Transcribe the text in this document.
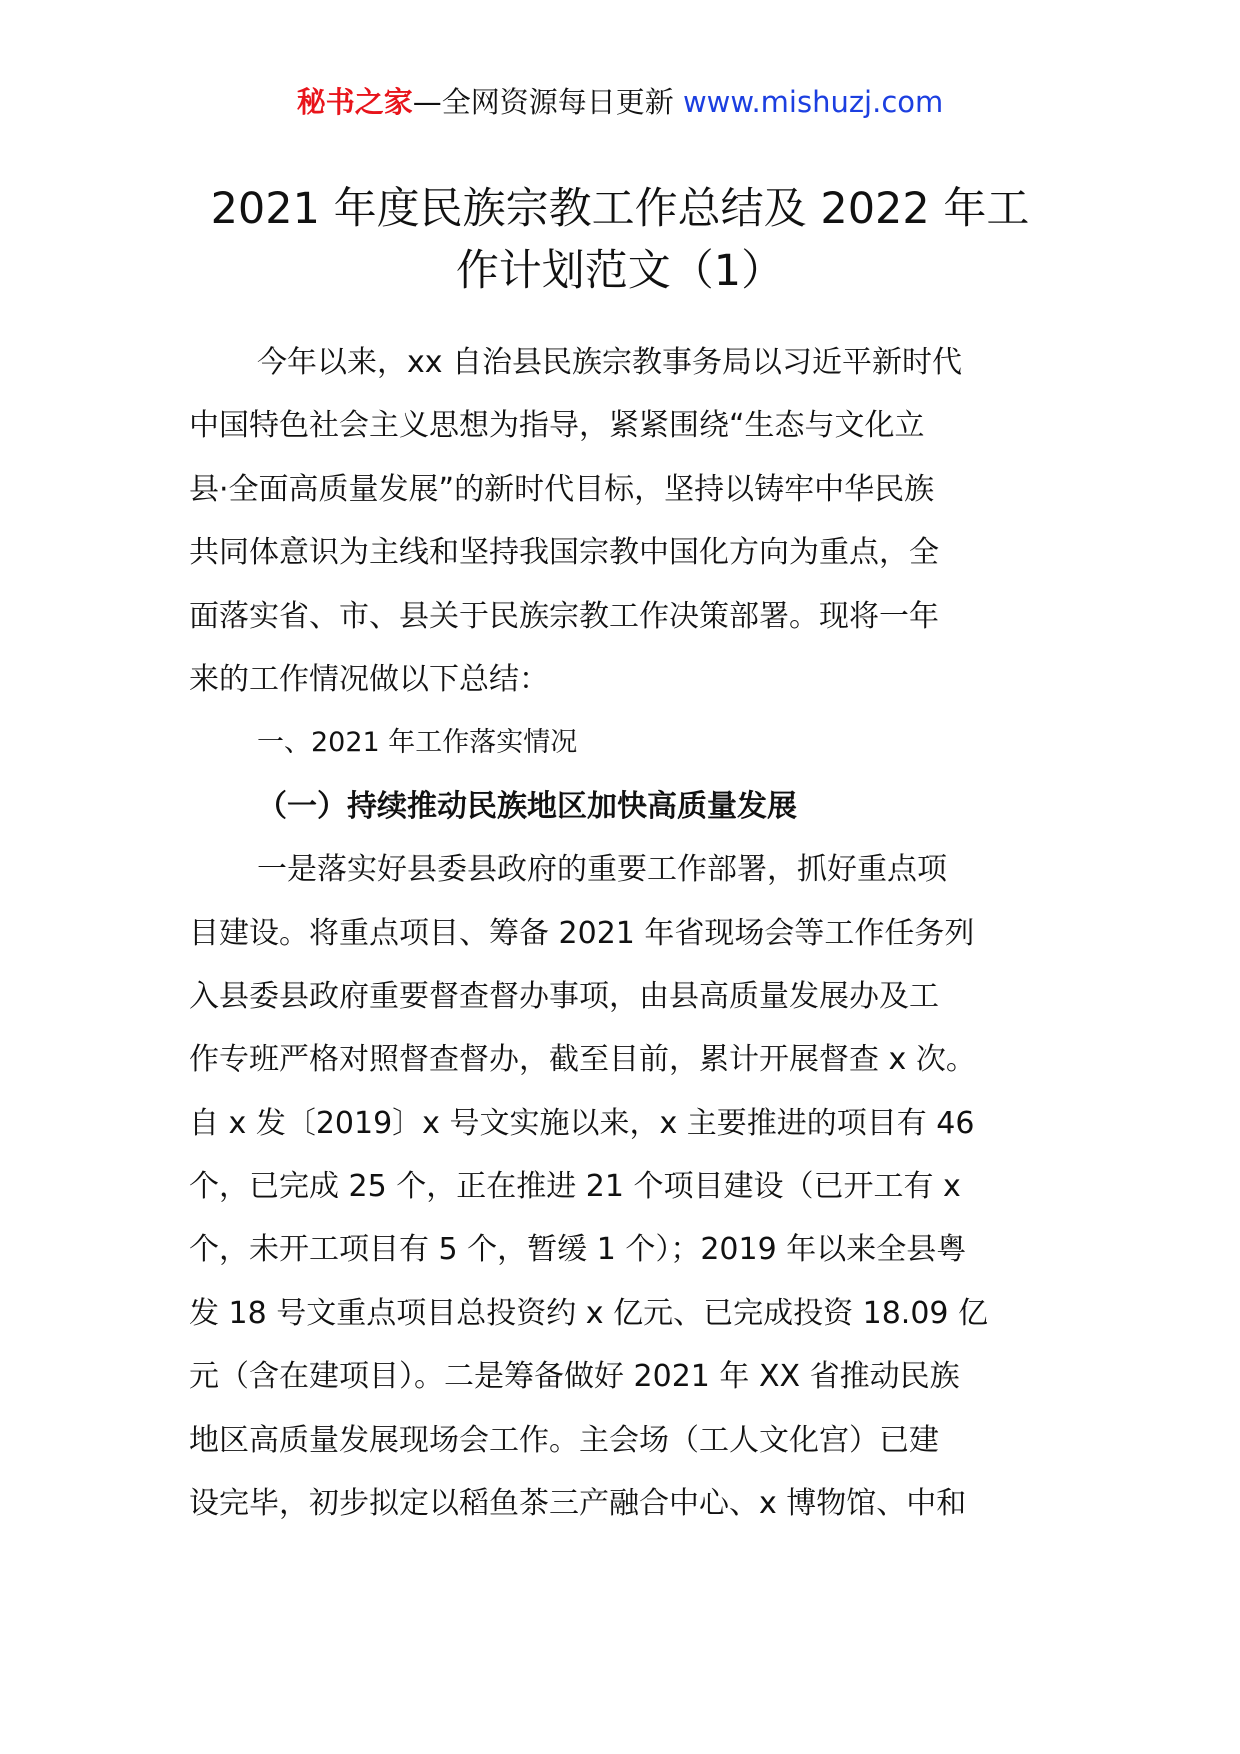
秘书之家—全网资源每日更新 www.mishuzj.com
2021 年度民族宗教工作总结及 2022 年工
作计划范文（1）
今年以来，xx 自治县民族宗教事务局以习近平新时代
中国特色社会主义思想为指导，紧紧围绕“生态与文化立
县·全面高质量发展”的新时代目标，坚持以铸牢中华民族
共同体意识为主线和坚持我国宗教中国化方向为重点，全
面落实省、市、县关于民族宗教工作决策部署。现将一年
来的工作情况做以下总结：
一、2021 年工作落实情况
（一）持续推动民族地区加快高质量发展
一是落实好县委县政府的重要工作部署，抓好重点项
目建设。将重点项目、筹备 2021 年省现场会等工作任务列
入县委县政府重要督查督办事项，由县高质量发展办及工
作专班严格对照督查督办，截至目前，累计开展督查 x 次。
自 x 发〔2019〕x 号文实施以来，x 主要推进的项目有 46
个，已完成 25 个，正在推进 21 个项目建设（已开工有 x
个，未开工项目有 5 个，暂缓 1 个）；2019 年以来全县粤
发 18 号文重点项目总投资约 x 亿元、已完成投资 18.09 亿
元（含在建项目）。二是筹备做好 2021 年 XX 省推动民族
地区高质量发展现场会工作。主会场（工人文化宫）已建
设完毕，初步拟定以稻鱼茶三产融合中心、x 博物馆、中和
